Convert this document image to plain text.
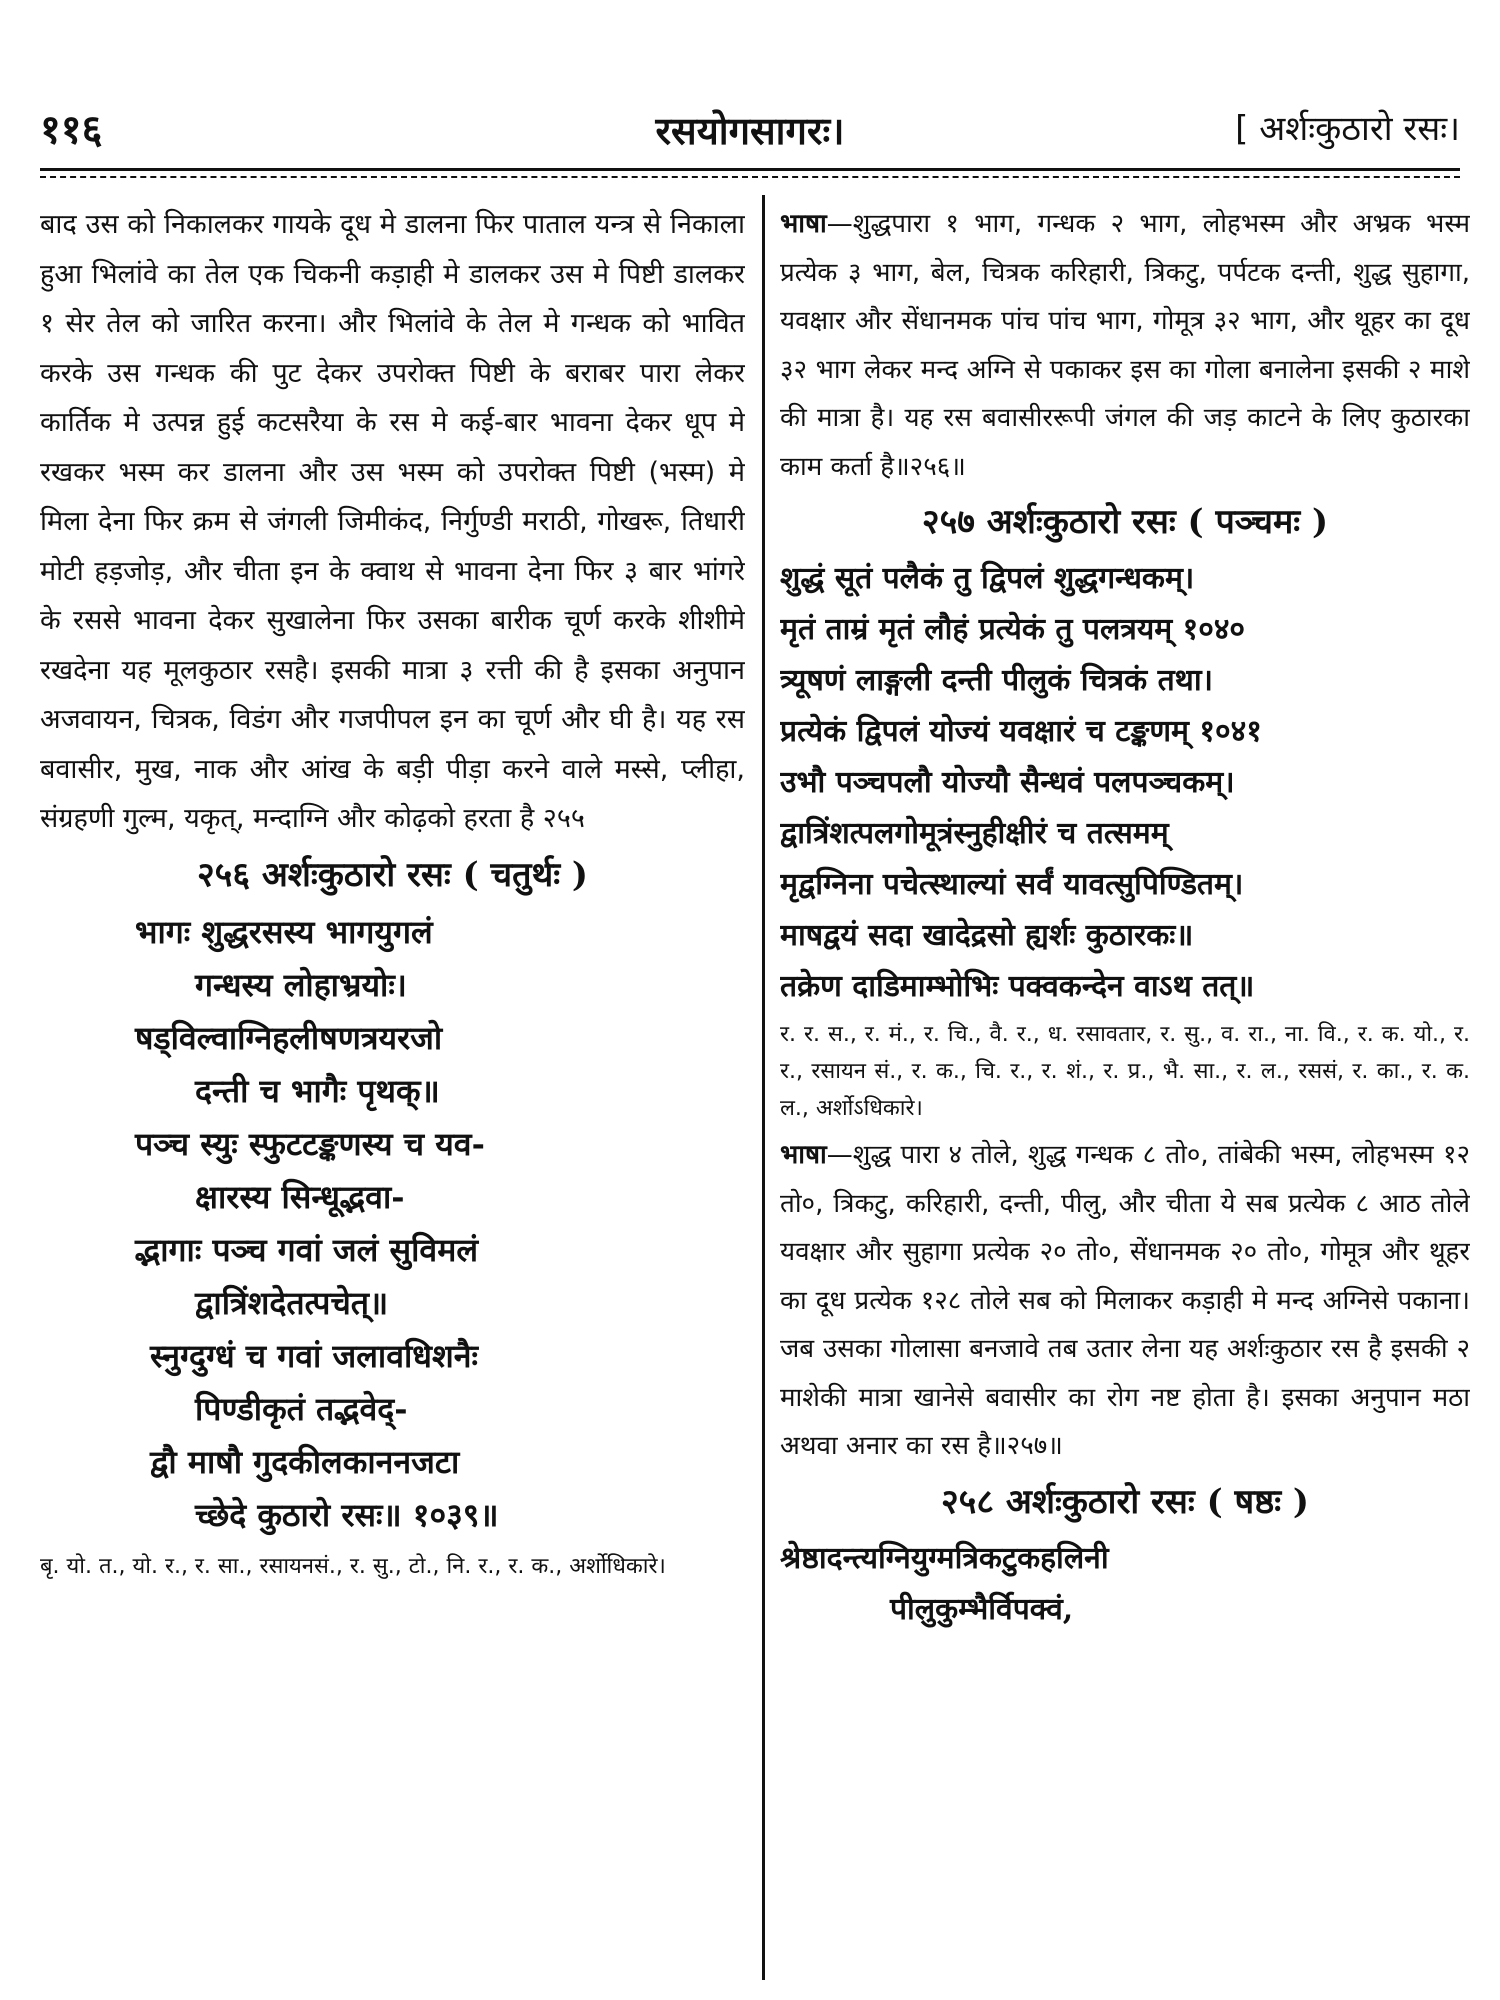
११६	रसयोगसागरः।	[ अर्शःकुठारो रसः।

बाद उस को निकालकर गायके दूध मे डालना फिर पाताल यन्त्र से निकाला हुआ भिलांवे का तेल एक चिकनी कड़ाही मे डालकर उस मे पिष्टी डालकर १ सेर तेल को जारित करना। और भिलांवे के तेल मे गन्धक को भावित करके उस गन्धक की पुट देकर उपरोक्त पिष्टी के बराबर पारा लेकर कार्तिक मे उत्पन्न हुई कटसरैया के रस मे कई-बार भावना देकर धूप मे रखकर भस्म कर डालना और उस भस्म को उपरोक्त पिष्टी (भस्म) मे मिला देना फिर क्रम से जंगली जिमीकंद, निर्गुण्डी मराठी, गोखरू, तिधारी मोटी हड़जोड़, और चीता इन के क्वाथ से भावना देना फिर ३ बार भांगरे के रससे भावना देकर सुखालेना फिर उसका बारीक चूर्ण करके शीशीमे रखदेना यह मूलकुठार रसहै। इसकी मात्रा ३ रत्ती की है इसका अनुपान अजवायन, चित्रक, विडंग और गजपीपल इन का चूर्ण और घी है। यह रस बवासीर, मुख, नाक और आंख के बड़ी पीड़ा करने वाले मस्से, प्लीहा, संग्रहणी गुल्म, यकृत्, मन्दाग्नि और कोढ़को हरता है २५५

२५६ अर्शःकुठारो रसः ( चतुर्थः )
भागः शुद्धरसस्य भागयुगलं
गन्धस्य लोहाभ्रयोः।
षड्विल्वाग्निहलीषणत्रयरजो
दन्ती च भागैः पृथक्॥
पञ्च स्युः स्फुटटङ्कणस्य च यव-
क्षारस्य सिन्धूद्भवा-
द्भागाः पञ्च गवां जलं सुविमलं
द्वात्रिंशदेतत्पचेत्॥
स्नुग्दुग्धं च गवां जलावधिशनैः
पिण्डीकृतं तद्भवेद्-
द्वौ माषौ गुदकीलकाननजटा
च्छेदे कुठारो रसः॥ १०३९॥

बृ. यो. त., यो. र., र. सा., रसायनसं., र. सु., टो., नि. र., र. क., अर्शोधिकारे।

भाषा—शुद्धपारा १ भाग, गन्धक २ भाग, लोहभस्म और अभ्रक भस्म प्रत्येक ३ भाग, बेल, चित्रक करिहारी, त्रिकटु, पर्पटक दन्ती, शुद्ध सुहागा, यवक्षार और सेंधानमक पांच पांच भाग, गोमूत्र ३२ भाग, और थूहर का दूध ३२ भाग लेकर मन्द अग्नि से पकाकर इस का गोला बनालेना इसकी २ माशे की मात्रा है। यह रस बवासीररूपी जंगल की जड़ काटने के लिए कुठारका काम कर्ता है॥२५६॥

२५७ अर्शःकुठारो रसः ( पञ्चमः )
शुद्धं सूतं पलैकं तु द्विपलं शुद्धगन्धकम्।
मृतं ताम्रं मृतं लौहं प्रत्येकं तु पलत्रयम् १०४०
त्र्यूषणं लाङ्गली दन्ती पीलुकं चित्रकं तथा।
प्रत्येकं द्विपलं योज्यं यवक्षारं च टङ्कणम् १०४१
उभौ पञ्चपलौ योज्यौ सैन्धवं पलपञ्चकम्।
द्वात्रिंशत्पलगोमूत्रंस्नुहीक्षीरं च तत्समम्
मृद्वग्निना पचेत्स्थाल्यां सर्वं यावत्सुपिण्डितम्।
माषद्वयं सदा खादेद्रसो ह्यर्शः कुठारकः॥
तक्रेण दाडिमाम्भोभिः पक्वकन्देन वाऽथ तत्॥

र. र. स., र. मं., र. चि., वै. र., ध. रसावतार, र. सु., व. रा., ना. वि., र. क. यो., र. र., रसायन सं., र. क., चि. र., र. शं., र. प्र., भै. सा., र. ल., रससं, र. का., र. क. ल., अर्शोऽधिकारे।

भाषा—शुद्ध पारा ४ तोले, शुद्ध गन्धक ८ तो०, तांबेकी भस्म, लोहभस्म १२ तो०, त्रिकटु, करिहारी, दन्ती, पीलु, और चीता ये सब प्रत्येक ८ आठ तोले यवक्षार और सुहागा प्रत्येक २० तो०, सेंधानमक २० तो०, गोमूत्र और थूहर का दूध प्रत्येक १२८ तोले सब को मिलाकर कड़ाही मे मन्द अग्निसे पकाना। जब उसका गोलासा बनजावे तब उतार लेना यह अर्शःकुठार रस है इसकी २ माशेकी मात्रा खानेसे बवासीर का रोग नष्ट होता है। इसका अनुपान मठा अथवा अनार का रस है॥२५७॥

२५८ अर्शःकुठारो रसः ( षष्ठः )
श्रेष्ठादन्त्यग्नियुग्मत्रिकटुकहलिनी
पीलुकुम्भैर्विपक्वं,
